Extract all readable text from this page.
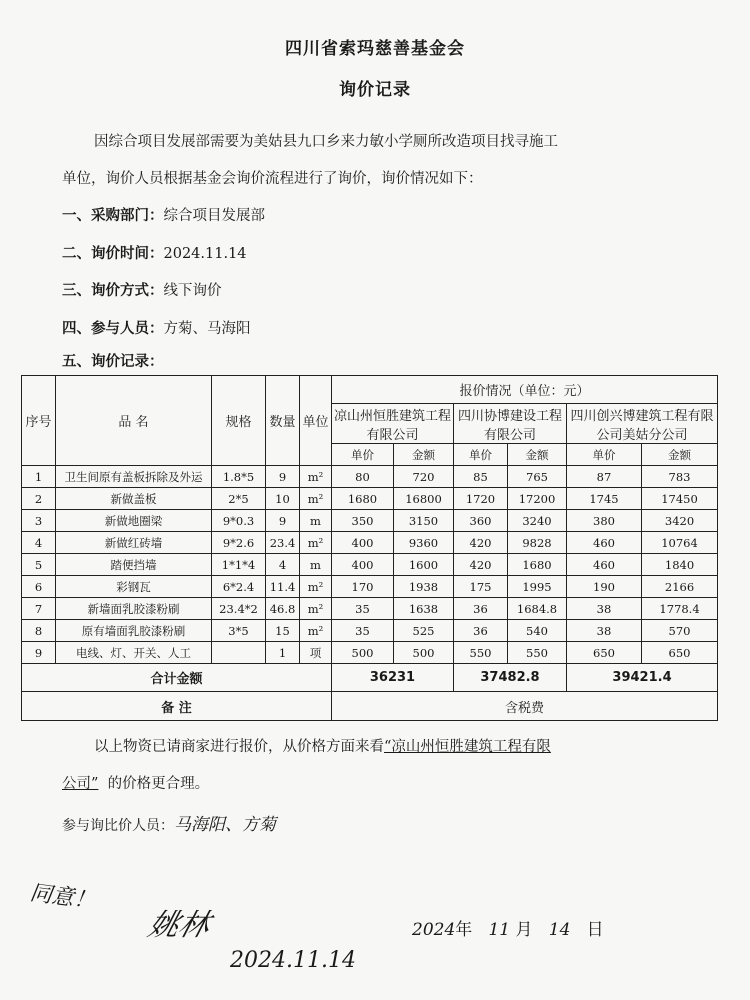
四川省索玛慈善基金会
询价记录
因综合项目发展部需要为美姑县九口乡来力敏小学厕所改造项目找寻施工
单位，询价人员根据基金会询价流程进行了询价，询价情况如下：
一、采购部门：综合项目发展部
二、询价时间：2024.11.14
三、询价方式：线下询价
四、参与人员：方菊、马海阳
五、询价记录：
序号	品 名	规格	数量	单位	报价情况（单位：元）					
					凉山州恒胜建筑工程有限公司		四川协博建设工程有限公司		四川创兴博建筑工程有限公司美姑分公司	
					单价	金额	单价	金额	单价	金额
1	卫生间原有盖板拆除及外运	1.8*5	9	m²	80	720	85	765	87	783
2	新做盖板	2*5	10	m²	1680	16800	1720	17200	1745	17450
3	新做地圈梁	9*0.3	9	m	350	3150	360	3240	380	3420
4	新做红砖墙	9*2.6	23.4	m²	400	9360	420	9828	460	10764
5	踏便挡墙	1*1*4	4	m	400	1600	420	1680	460	1840
6	彩钢瓦	6*2.4	11.4	m²	170	1938	175	1995	190	2166
7	新墙面乳胶漆粉刷	23.4*2	46.8	m²	35	1638	36	1684.8	38	1778.4
8	原有墙面乳胶漆粉刷	3*5	15	m²	35	525	36	540	38	570
9	电线、灯、开关、人工		1	项	500	500	550	550	650	650
合计金额					36231		37482.8		39421.4	
备 注					含税费					
以上物资已请商家进行报价，从价格方面来看“凉山州恒胜建筑工程有限
公司” 的价格更合理。
参与询比价人员：马海阳、方菊
同意！
姚林
2024.11.14
2024年 11 月 14 日
